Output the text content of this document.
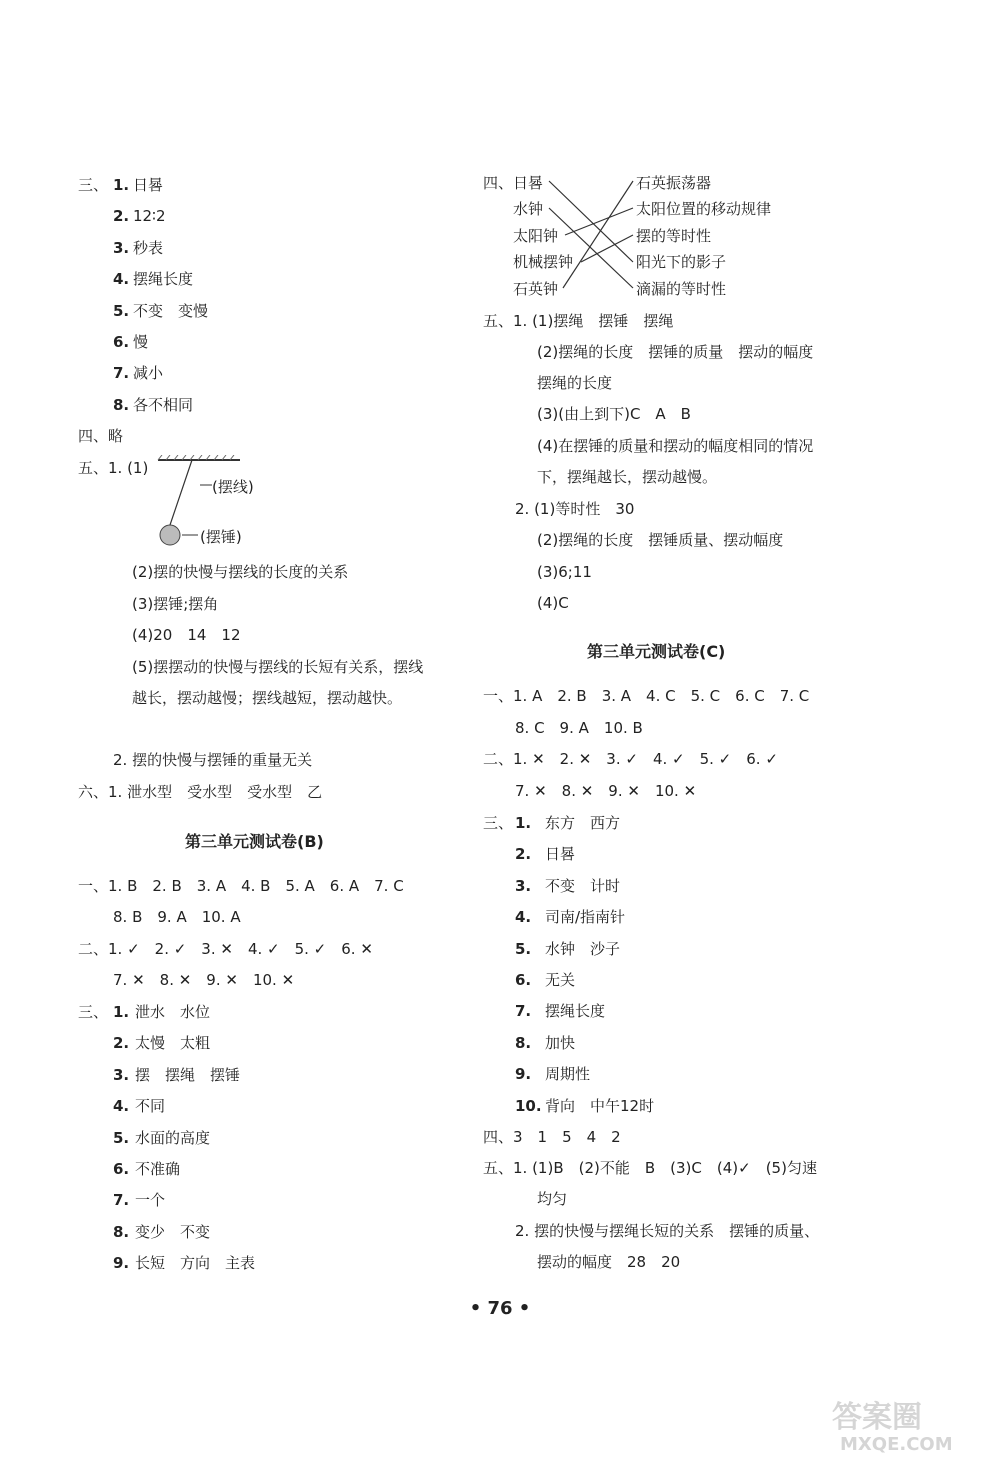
三、 1. 日晷
2. 12∶2
3. 秒表
4. 摆绳长度
5. 不变　变慢
6. 慢
7. 减小
8. 各不相同
四、略
五、1. (1)
(摆线)
(摆锤)
(2)摆的快慢与摆线的长度的关系
(3)摆锤;摆角
(4)20　14　12
(5)摆摆动的快慢与摆线的长短有关系，摆线
越长，摆动越慢；摆线越短，摆动越快。
2. 摆的快慢与摆锤的重量无关
六、1. 泄水型　受水型　受水型　乙
第三单元测试卷(B)
一、1. B　2. B　3. A　4. B　5. A　6. A　7. C
8. B　9. A　10. A
二、1. ✓　2. ✓　3. ✕　4. ✓　5. ✓　6. ✕
7. ✕　8. ✕　9. ✕　10. ✕
三、 1. 泄水　水位
2. 太慢　太粗
3. 摆　摆绳　摆锤
4. 不同
5. 水面的高度
6. 不准确
7. 一个
8. 变少　不变
9. 长短　方向　主表
四、 日晷
水钟
太阳钟
机械摆钟
石英钟
石英振荡器
太阳位置的移动规律
摆的等时性
阳光下的影子
滴漏的等时性
五、1. (1)摆绳　摆锤　摆绳
(2)摆绳的长度　摆锤的质量　摆动的幅度
摆绳的长度
(3)(由上到下)C　A　B
(4)在摆锤的质量和摆动的幅度相同的情况
下，摆绳越长，摆动越慢。
2. (1)等时性　30
(2)摆绳的长度　摆锤质量、摆动幅度
(3)6;11
(4)C
第三单元测试卷(C)
一、1. A　2. B　3. A　4. C　5. C　6. C　7. C
8. C　9. A　10. B
二、1. ✕　2. ✕　3. ✓　4. ✓　5. ✓　6. ✓
7. ✕　8. ✕　9. ✕　10. ✕
三、 1. 东方　西方
2. 日晷
3. 不变　计时
4. 司南/指南针
5. 水钟　沙子
6. 无关
7. 摆绳长度
8. 加快
9. 周期性
10. 背向　中午12时
四、3　1　5　4　2
五、1. (1)B　(2)不能　B　(3)C　(4)✓　(5)匀速
均匀
2. 摆的快慢与摆绳长短的关系　摆锤的质量、
摆动的幅度　28　20
• 76 •
答案圈
MXQE.COM
